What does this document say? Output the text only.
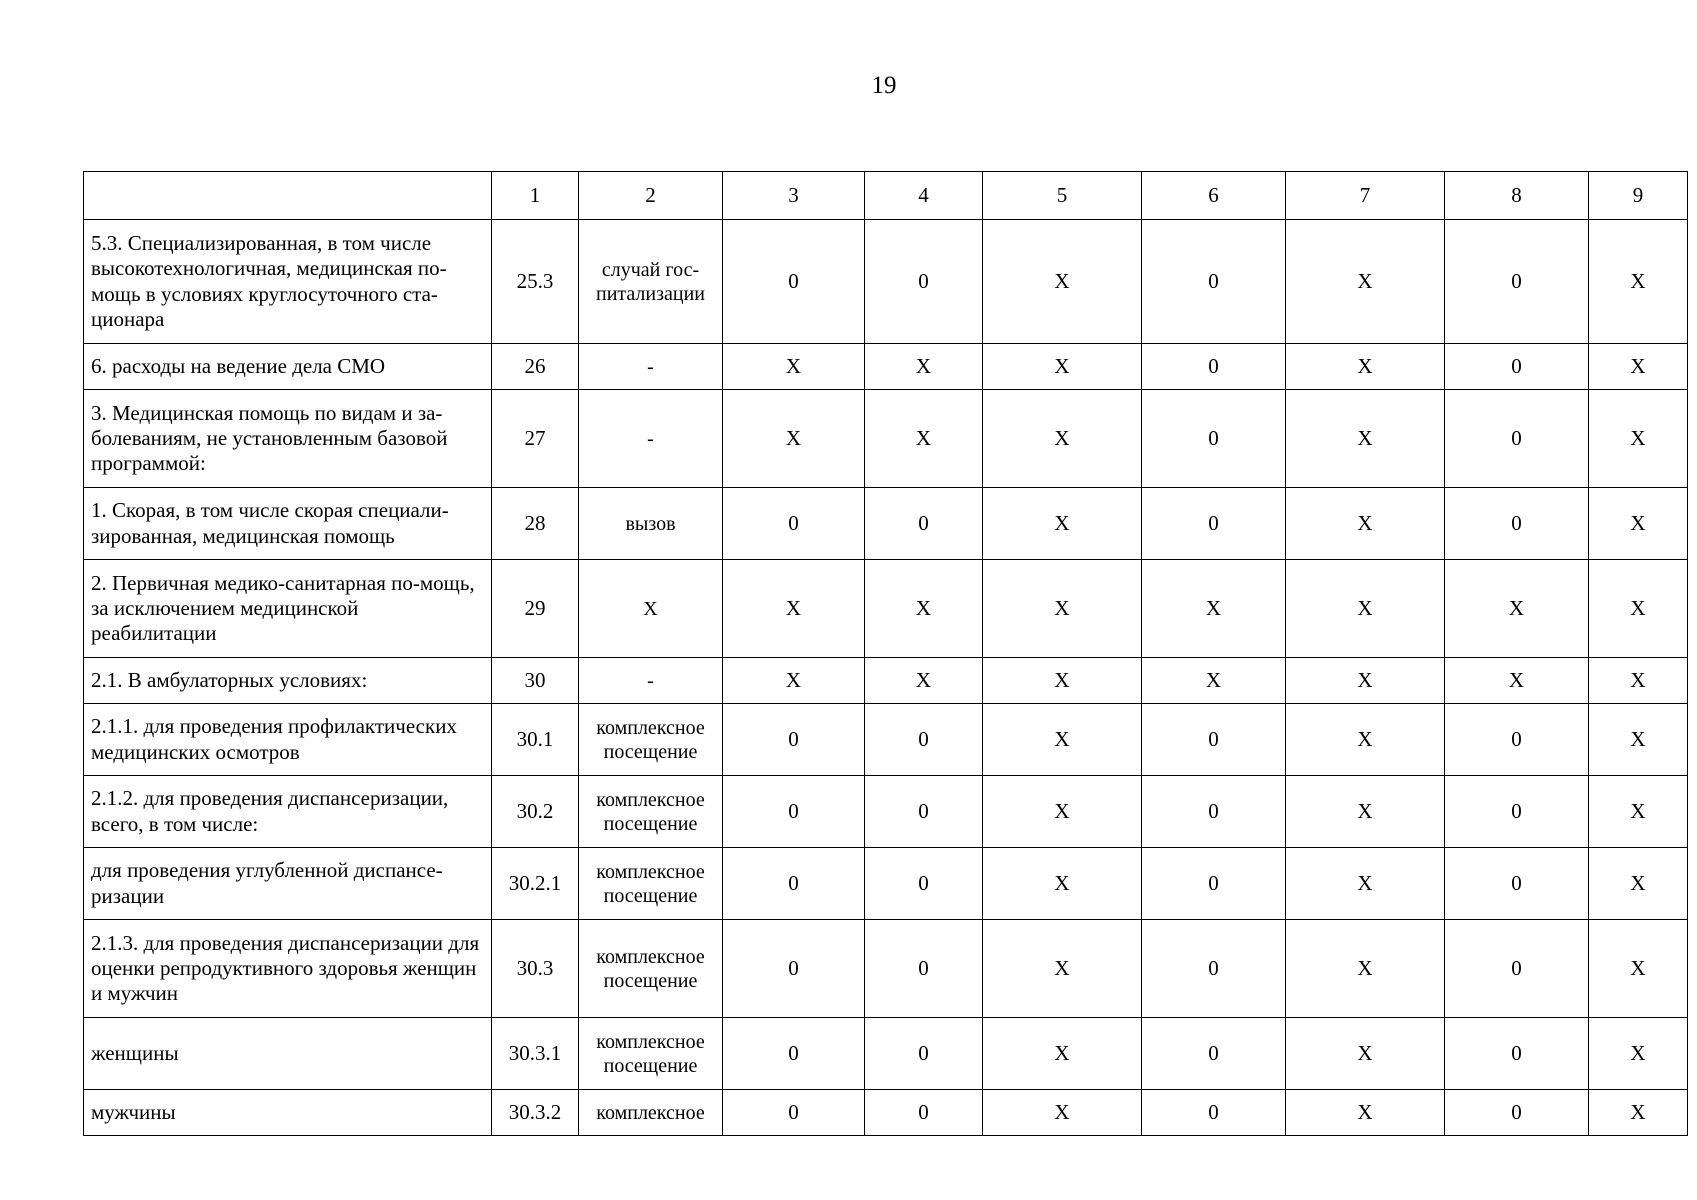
19
	1	2	3	4	5	6	7	8	9
5.3. Специализированная, в том числе высокотехнологичная, медицинская по-мощь в условиях круглосуточного ста-ционара	25.3	случай гос-питализации	0	0	X	0	X	0	X
6. расходы на ведение дела СМО	26	-	X	X	X	0	X	0	X
3. Медицинская помощь по видам и за-болеваниям, не установленным базовой программой:	27	-	X	X	X	0	X	0	X
1. Скорая, в том числе скорая специали-зированная, медицинская помощь	28	вызов	0	0	X	0	X	0	X
2. Первичная медико-санитарная по-мощь, за исключением медицинской реабилитации	29	X	X	X	X	X	X	X	X
2.1. В амбулаторных условиях:	30	-	X	X	X	X	X	X	X
2.1.1. для проведения профилактических медицинских осмотров	30.1	комплексное посещение	0	0	X	0	X	0	X
2.1.2. для проведения диспансеризации, всего, в том числе:	30.2	комплексное посещение	0	0	X	0	X	0	X
для проведения углубленной диспансе-ризации	30.2.1	комплексное посещение	0	0	X	0	X	0	X
2.1.3. для проведения диспансеризации для оценки репродуктивного здоровья женщин и мужчин	30.3	комплексное посещение	0	0	X	0	X	0	X
женщины	30.3.1	комплексное посещение	0	0	X	0	X	0	X
мужчины	30.3.2	комплексное	0	0	X	0	X	0	X
